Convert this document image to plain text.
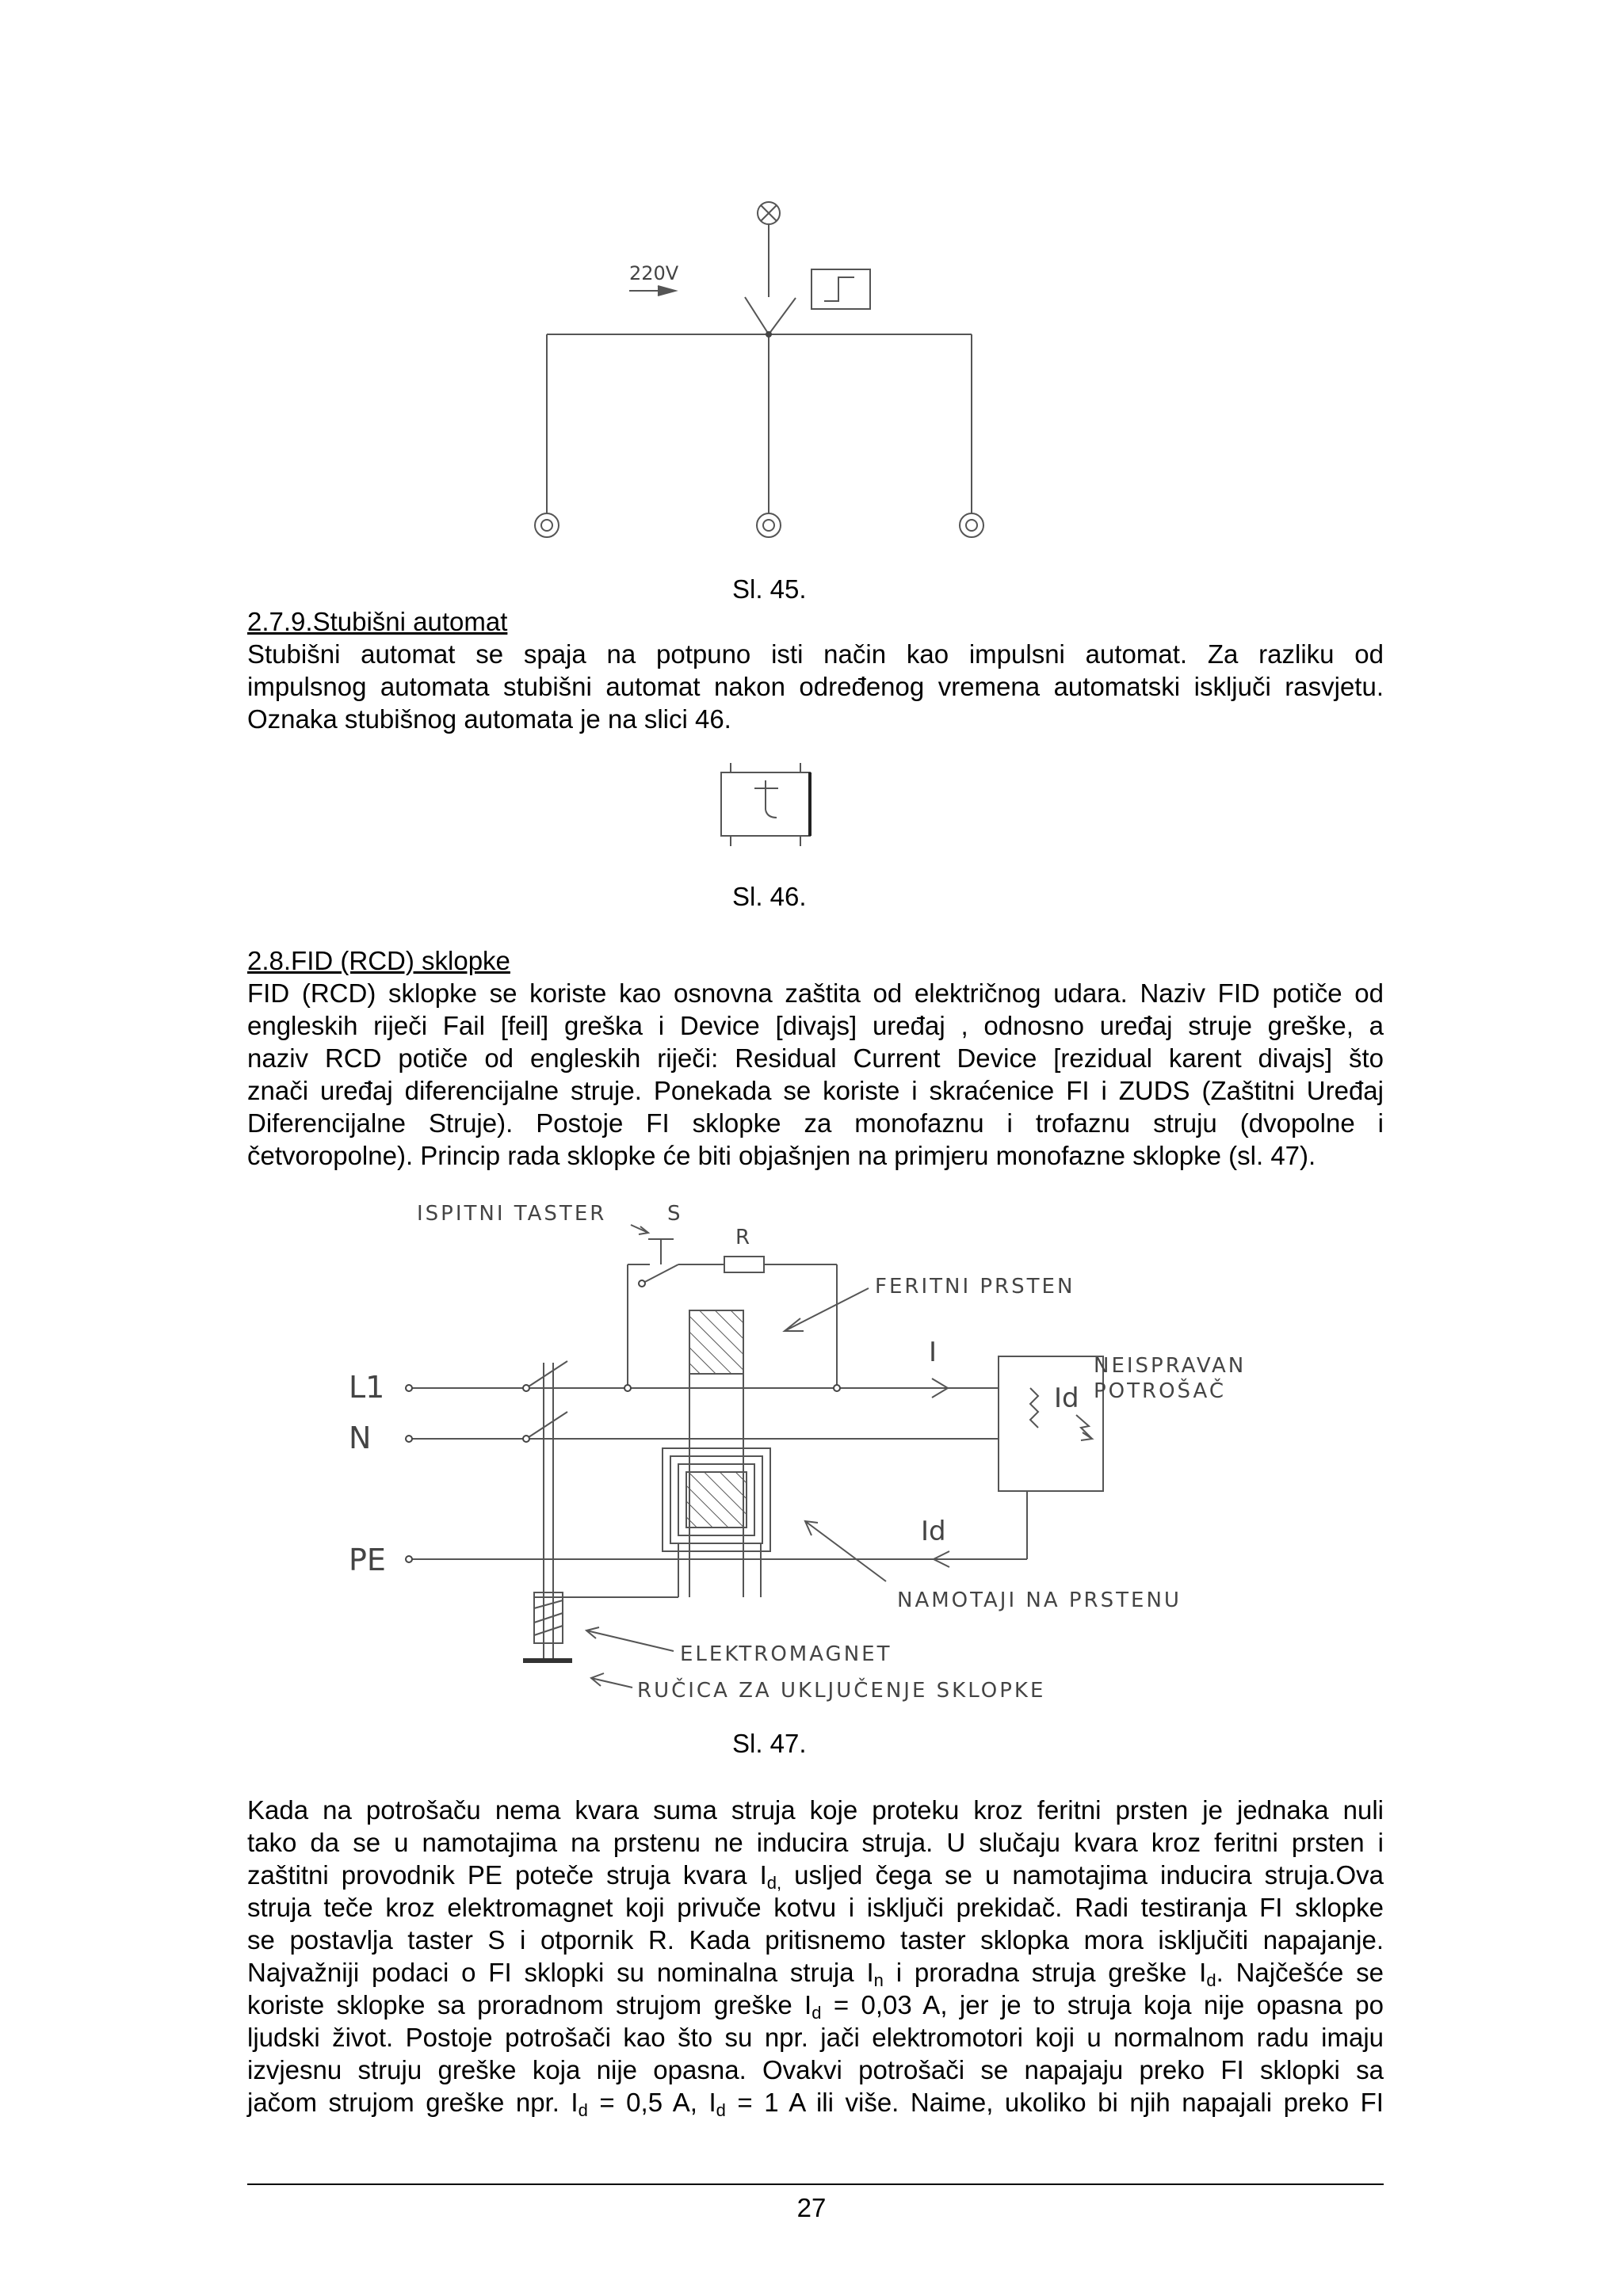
220V
Sl. 45.
2.7.9.Stubišni automat
Stubišni automat se spaja na potpuno isti način kao impulsni automat. Za razliku od
impulsnog automata stubišni automat nakon određenog vremena automatski isključi rasvjetu.
Oznaka stubišnog automata je na slici 46.
t
Sl. 46.
2.8.FID (RCD) sklopke
FID (RCD) sklopke se koriste kao osnovna zaštita od električnog udara. Naziv FID potiče od
engleskih riječi Fail [feil] greška i Device [divajs] uređaj , odnosno uređaj struje greške, a
naziv RCD potiče od engleskih riječi: Residual Current Device [rezidual karent divajs] što
znači uređaj diferencijalne struje. Ponekada se koriste i skraćenice FI i ZUDS (Zaštitni Uređaj
Diferencijalne Struje). Postoje FI sklopke za monofaznu i trofaznu struju (dvopolne i
četvoropolne). Princip rada sklopke će biti objašnjen na primjeru monofazne sklopke (sl. 47).
ISPITNI TASTER	S
R
FERITNI PRSTEN
I	NEISPRAVAN
POTROŠAČ
Id
Id
L1
N
PE
NAMOTAJI NA PRSTENU
ELEKTROMAGNET
RUČICA ZA UKLJUČENJE SKLOPKE
Sl. 47.
Kada na potrošaču nema kvara suma struja koje proteku kroz feritni prsten je jednaka nuli
tako da se u namotajima na prstenu ne inducira struja. U slučaju kvara kroz feritni prsten i
zaštitni provodnik PE poteče struja kvara $I_{d,}$ usljed čega se u namotajima inducira struja.Ova
struja teče kroz elektromagnet koji privuče kotvu i isključi prekidač. Radi testiranja FI sklopke
se postavlja taster S i otpornik R. Kada pritisnemo taster sklopka mora isključiti napajanje.
Najvažniji podaci o FI sklopki su nominalna struja $I_n$ i proradna struja greške $I_d$. Najčešće se
koriste sklopke sa proradnom strujom greške $I_d = 0,03$ A, jer je to struja koja nije opasna po
ljudski život. Postoje potrošači kao što su npr. jači elektromotori koji u normalnom radu imaju
izvjesnu struju greške koja nije opasna. Ovakvi potrošači se napajaju preko FI sklopki sa
jačom strujom greške npr. $I_d = 0,5$ A, $I_d = 1$ A ili više. Naime, ukoliko bi njih napajali preko FI
27
